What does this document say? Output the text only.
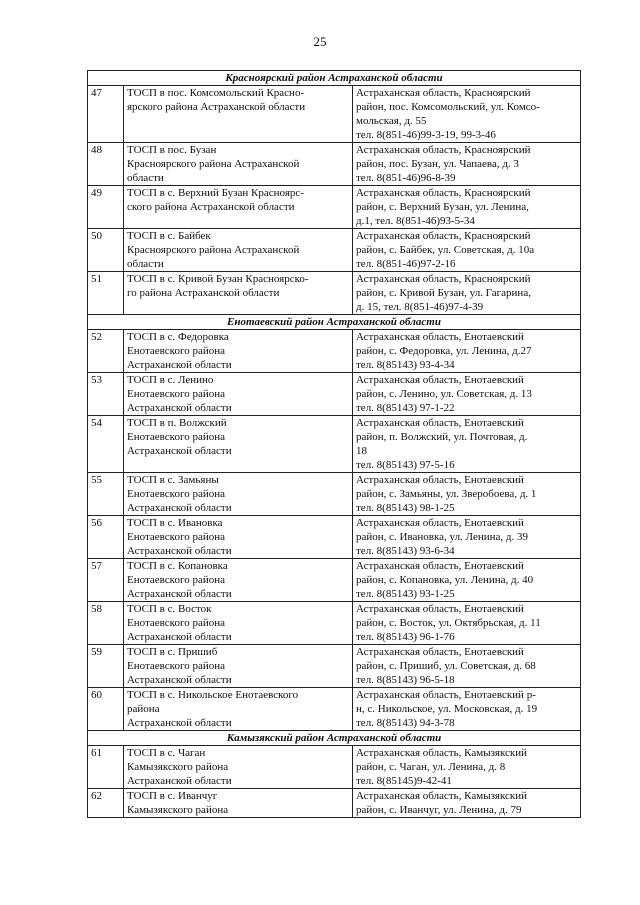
25
Красноярский район Астраханской области		
47	ТОСП в пос. Комсомольский Красно-
ярского района Астраханской области	Астраханская область, Красноярский
район, пос. Комсомольский, ул. Комсо-
мольская, д. 55
тел. 8(851-46)99-3-19, 99-3-46

48	ТОСП в пос. Бузан
Красноярского района Астраханской
области	Астраханская область, Красноярский
район, пос. Бузан, ул. Чапаева, д. 3
тел. 8(851-46)96-8-39

49	ТОСП в с. Верхний Бузан Красноярс-
ского района Астраханской области	Астраханская область, Красноярский
район, с. Верхний Бузан, ул. Ленина,
д.1, тел. 8(851-46)93-5-34

50	ТОСП в с. Байбек
Красноярского района Астраханской
области	Астраханская область, Красноярский
район, с. Байбек, ул. Советская, д. 10а
тел. 8(851-46)97-2-16

51	ТОСП в с. Кривой Бузан Красноярско-
го района Астраханской области	Астраханская область, Красноярский
район, с. Кривой Бузан, ул. Гагарина,
д. 15, тел. 8(851-46)97-4-39

Енотаевский район Астраханской области		
52	ТОСП в с. Федоровка
Енотаевского района
Астраханской области	Астраханская область, Енотаевский
район, с. Федоровка, ул. Ленина, д.27
тел. 8(85143) 93-4-34

53	ТОСП в с. Ленино
Енотаевского района
Астраханской области	Астраханская область, Енотаевский
район, с. Ленино, ул. Советская, д. 13
тел. 8(85143) 97-1-22

54	ТОСП в п. Волжский
Енотаевского района
Астраханской области	Астраханская область, Енотаевский
район, п. Волжский, ул. Почтовая, д.
18
тел. 8(85143) 97-5-16

55	ТОСП в с. Замьяны
Енотаевского района
Астраханской области	Астраханская область, Енотаевский
район, с. Замьяны, ул. Зверобоева, д. 1
тел. 8(85143) 98-1-25

56	ТОСП в с. Ивановка
Енотаевского района
Астраханской области	Астраханская область, Енотаевский
район, с. Ивановка, ул. Ленина, д. 39
тел. 8(85143) 93-6-34

57	ТОСП в с. Копановка
Енотаевского района
Астраханской области	Астраханская область, Енотаевский
район, с. Копановка, ул. Ленина, д. 40
тел. 8(85143) 93-1-25

58	ТОСП в с. Восток
Енотаевского района
Астраханской области	Астраханская область, Енотаевский
район, с. Восток, ул. Октябрьская, д. 11
тел. 8(85143) 96-1-76

59	ТОСП в с. Пришиб
Енотаевского района
Астраханской области	Астраханская область, Енотаевский
район, с. Пришиб, ул. Советская, д. 68
тел. 8(85143) 96-5-18

60	ТОСП в с. Никольское Енотаевского
района
Астраханской области	Астраханская область, Енотаевский р-
н, с. Никольское, ул. Московская, д. 19
тел. 8(85143) 94-3-78

Камызякский район Астраханской области		
61	ТОСП в с. Чаган
Камызякского района
Астраханской области	Астраханская область, Камызякский
район, с. Чаган, ул. Ленина, д. 8
тел. 8(85145)9-42-41

62	ТОСП в с. Иванчуг
Камызякского района	Астраханская область, Камызякский
район, с. Иванчуг, ул. Ленина, д. 79
